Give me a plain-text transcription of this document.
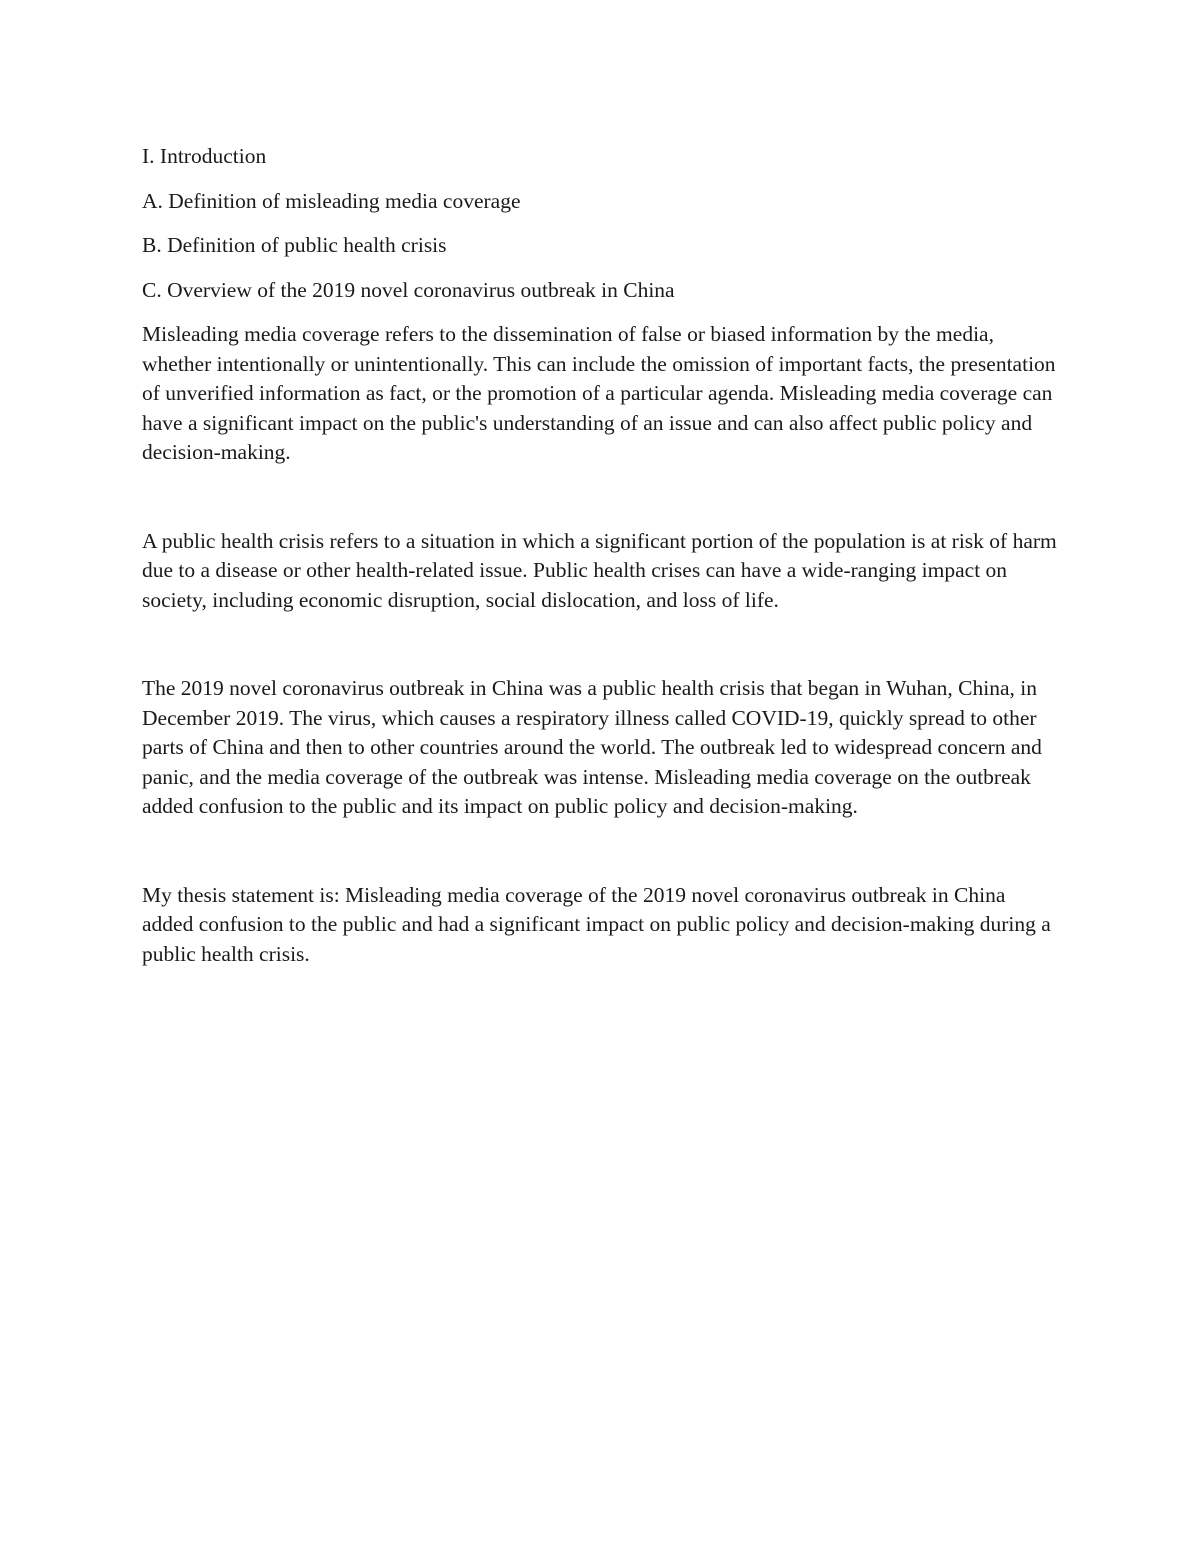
I. Introduction

A. Definition of misleading media coverage

B. Definition of public health crisis

C. Overview of the 2019 novel coronavirus outbreak in China

Misleading media coverage refers to the dissemination of false or biased information by the media, whether intentionally or unintentionally. This can include the omission of important facts, the presentation of unverified information as fact, or the promotion of a particular agenda. Misleading media coverage can have a significant impact on the public's understanding of an issue and can also affect public policy and decision-making.

A public health crisis refers to a situation in which a significant portion of the population is at risk of harm due to a disease or other health-related issue. Public health crises can have a wide-ranging impact on society, including economic disruption, social dislocation, and loss of life.

The 2019 novel coronavirus outbreak in China was a public health crisis that began in Wuhan, China, in December 2019. The virus, which causes a respiratory illness called COVID-19, quickly spread to other parts of China and then to other countries around the world. The outbreak led to widespread concern and panic, and the media coverage of the outbreak was intense. Misleading media coverage on the outbreak added confusion to the public and its impact on public policy and decision-making.

My thesis statement is: Misleading media coverage of the 2019 novel coronavirus outbreak in China added confusion to the public and had a significant impact on public policy and decision-making during a public health crisis.
